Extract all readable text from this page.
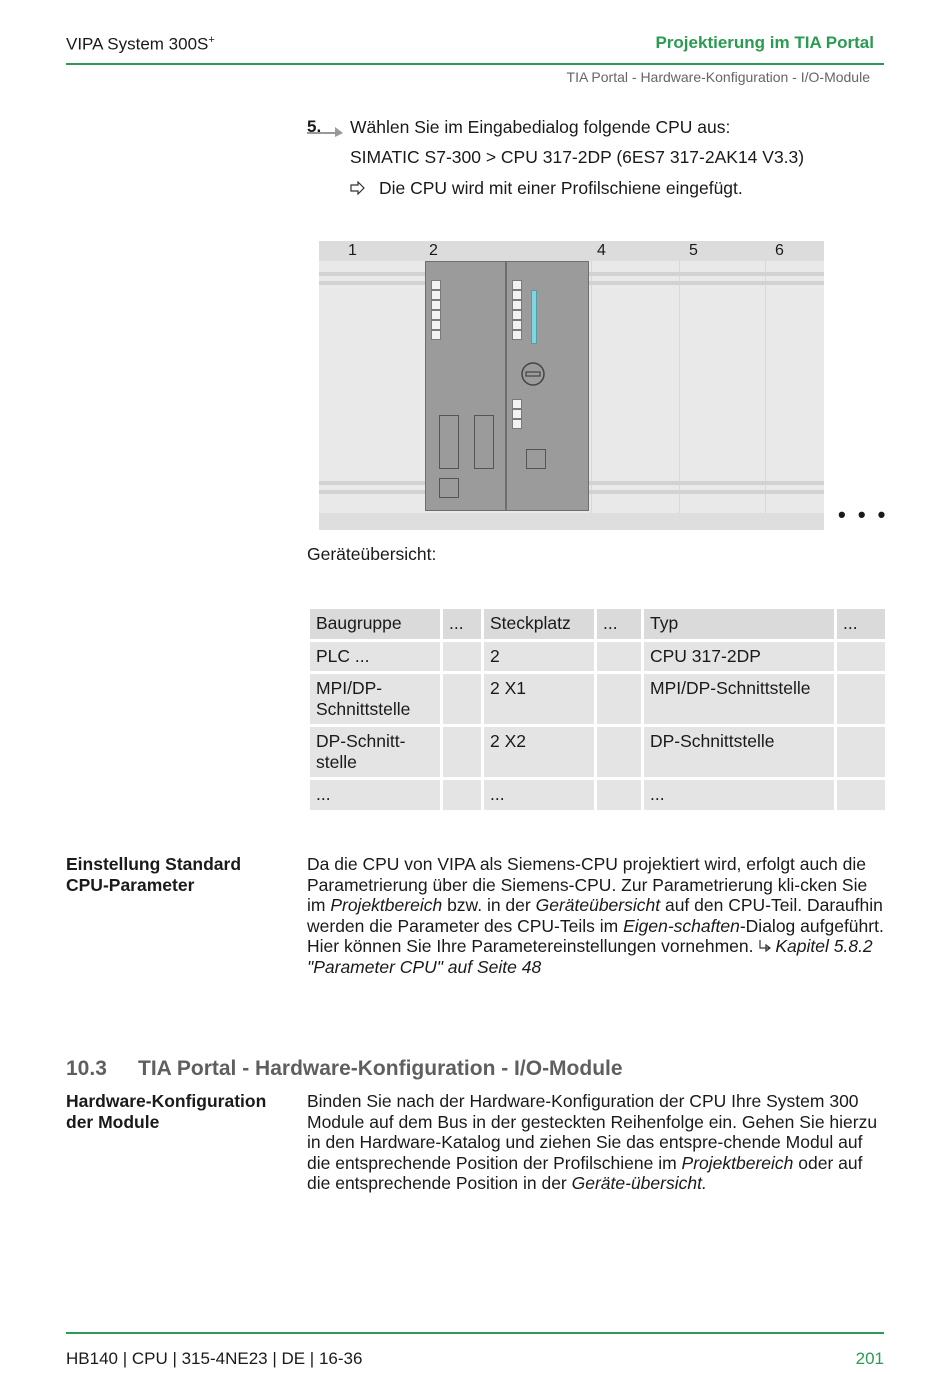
VIPA System 300S+	Projektierung im TIA Portal
TIA Portal - Hardware-Konfiguration - I/O-Module
5. Wählen Sie im Eingabedialog folgende CPU aus:
SIMATIC S7-300 > CPU 317-2DP (6ES7 317-2AK14 V3.3)
Die CPU wird mit einer Profilschiene eingefügt.
1	2	4	5	6
• • •
Geräteübersicht:
Baugruppe	...	Steckplatz	...	Typ	...
PLC ...		2		CPU 317-2DP	
MPI/DP-
Schnittstelle		2 X1		MPI/DP-Schnittstelle	
DP-Schnitt-
stelle		2 X2		DP-Schnittstelle	
...		...		...	
Einstellung Standard
CPU-Parameter
Da die CPU von VIPA als Siemens-CPU projektiert wird, erfolgt auch die Parametrierung über die Siemens-CPU. Zur Parametrierung kli-cken Sie im Projektbereich bzw. in der Geräteübersicht auf den CPU-Teil. Daraufhin werden die Parameter des CPU-Teils im Eigen-schaften-Dialog aufgeführt. Hier können Sie Ihre Parametereinstellungen vornehmen. Kapitel 5.8.2 "Parameter CPU" auf Seite 48
10.3 TIA Portal - Hardware-Konfiguration - I/O-Module
Hardware-Konfiguration
der Module
Binden Sie nach der Hardware-Konfiguration der CPU Ihre System 300 Module auf dem Bus in der gesteckten Reihenfolge ein. Gehen Sie hierzu in den Hardware-Katalog und ziehen Sie das entspre-chende Modul auf die entsprechende Position der Profilschiene im Projektbereich oder auf die entsprechende Position in der Geräte-übersicht.
HB140 | CPU | 315-4NE23 | DE | 16-36	201
